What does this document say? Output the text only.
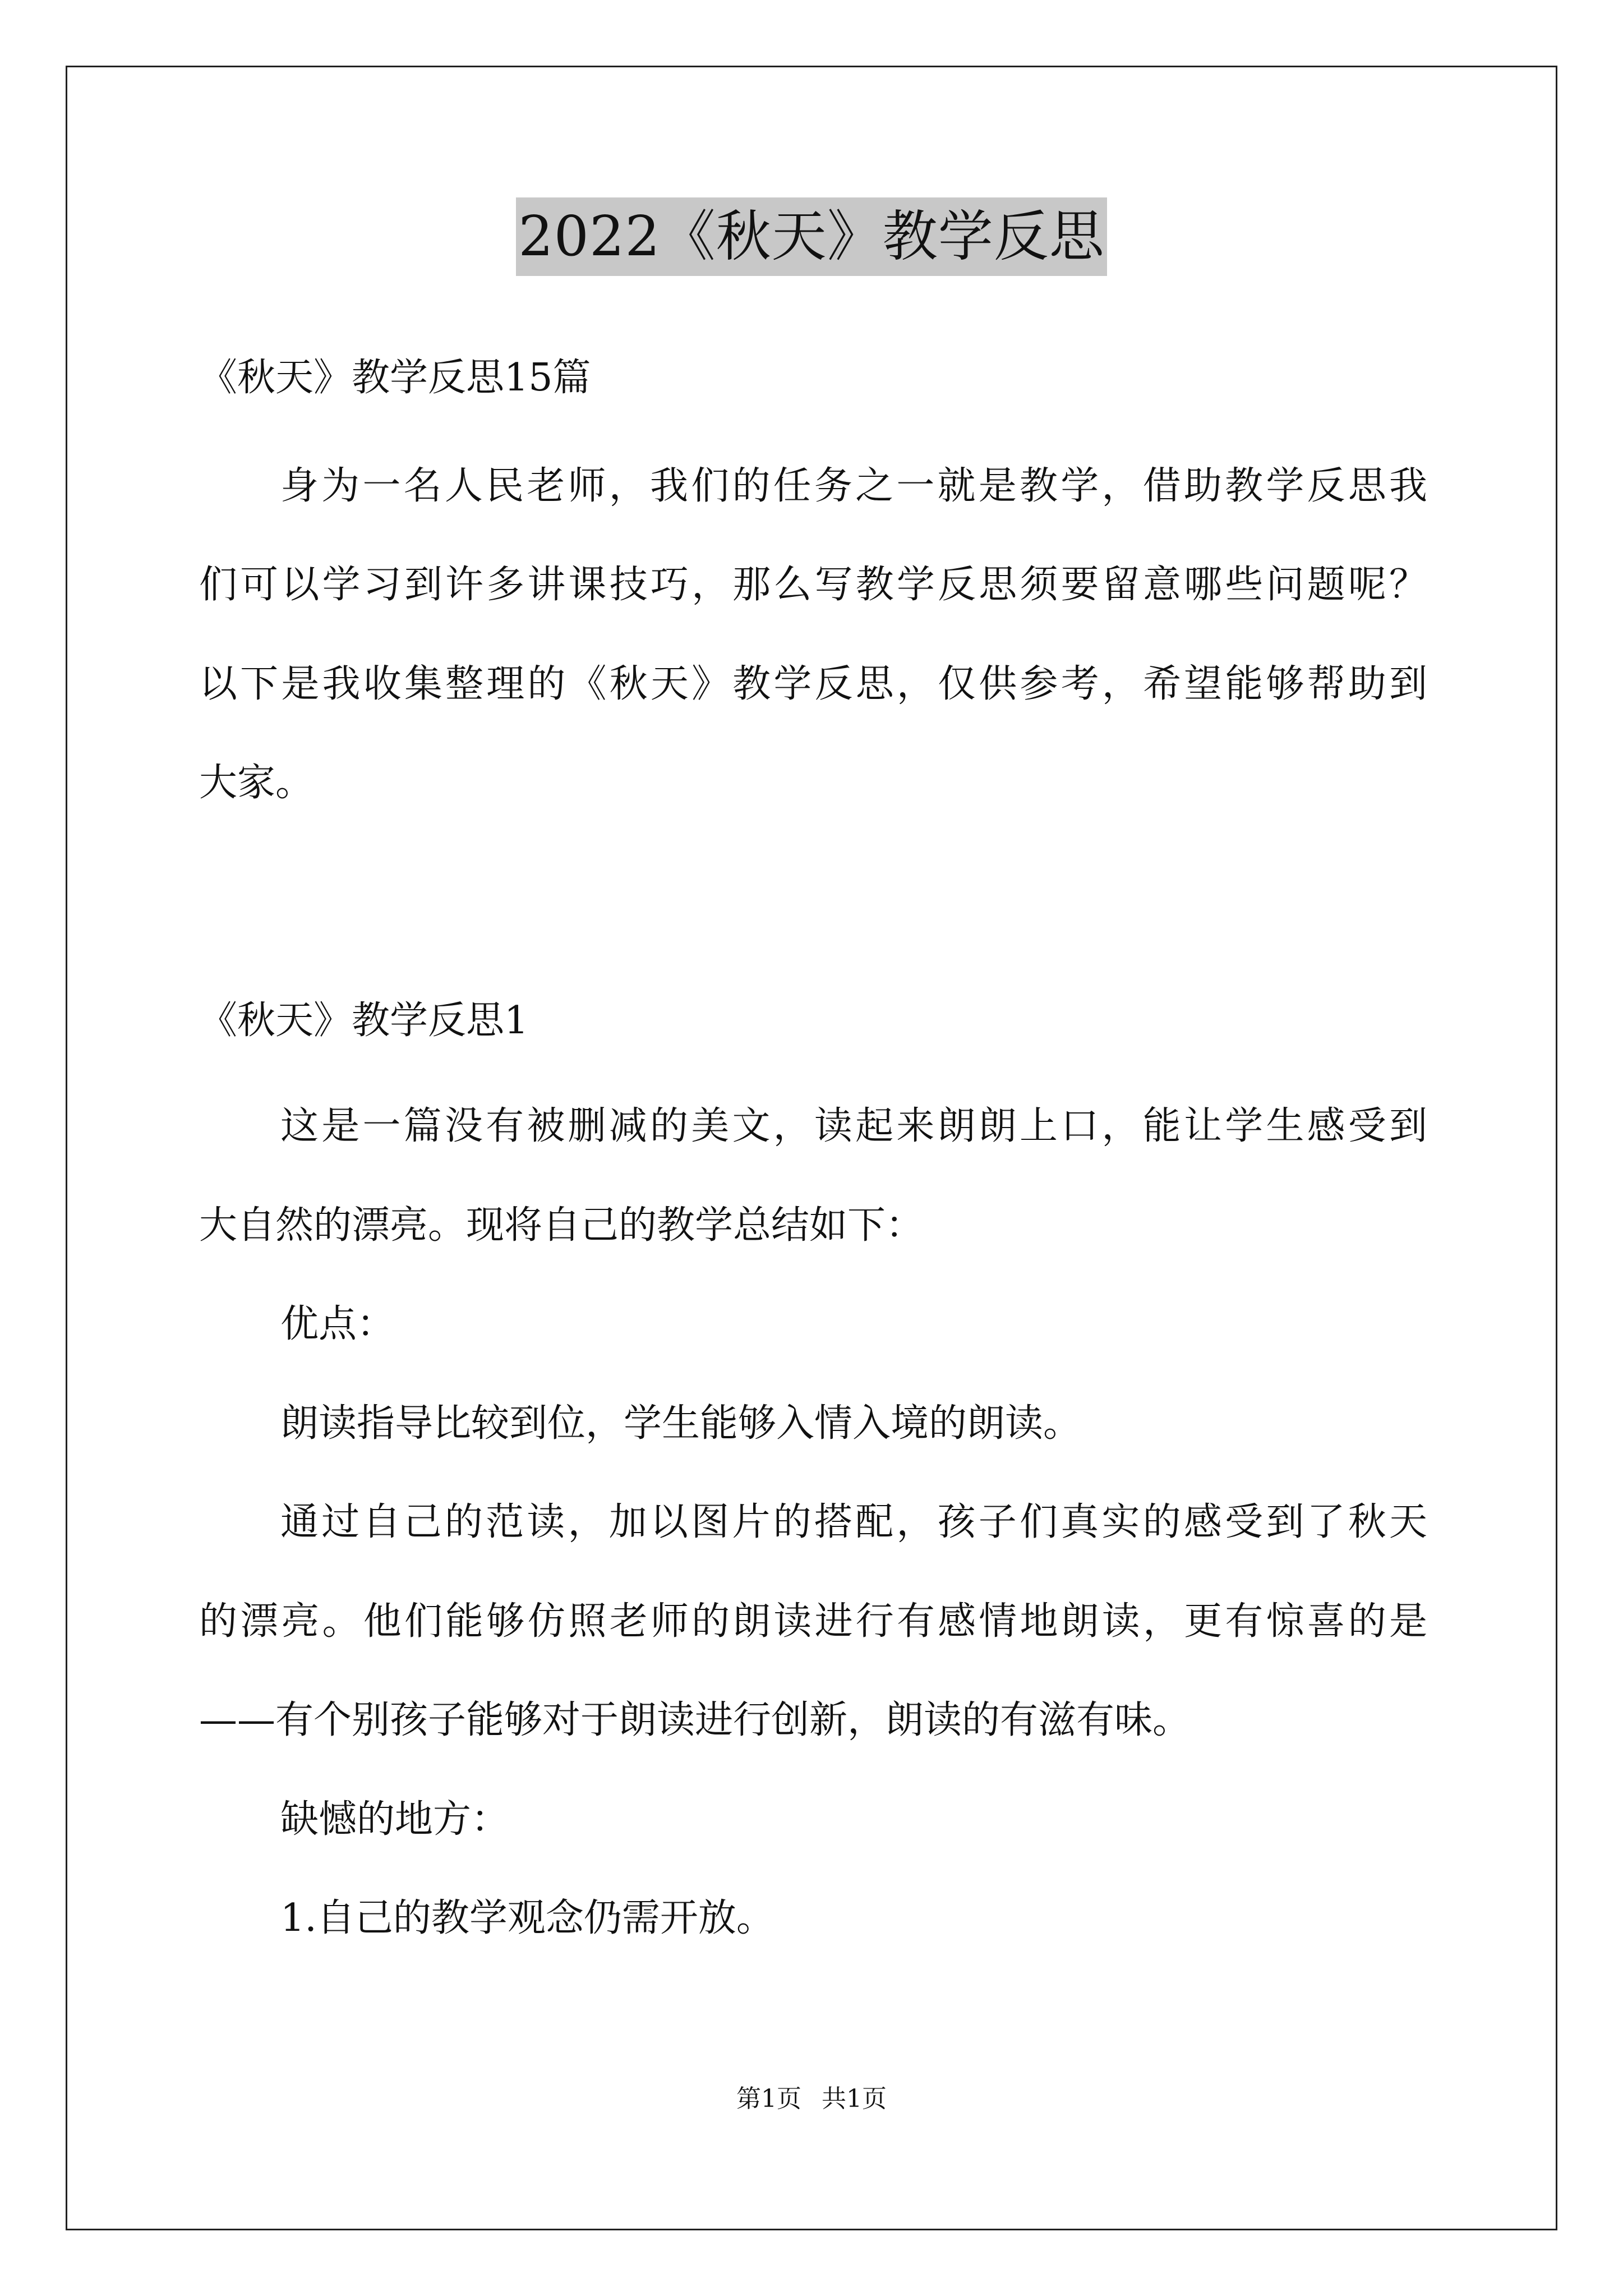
2022《秋天》教学反思
《秋天》教学反思15篇
身为一名人民老师，我们的任务之一就是教学，借助教学反思我
们可以学习到许多讲课技巧，那么写教学反思须要留意哪些问题呢？
以下是我收集整理的《秋天》教学反思，仅供参考，希望能够帮助到
大家。
《秋天》教学反思1
这是一篇没有被删减的美文，读起来朗朗上口，能让学生感受到
大自然的漂亮。现将自己的教学总结如下：
优点：
朗读指导比较到位，学生能够入情入境的朗读。
通过自己的范读，加以图片的搭配，孩子们真实的感受到了秋天
的漂亮。他们能够仿照老师的朗读进行有感情地朗读，更有惊喜的是
——有个别孩子能够对于朗读进行创新，朗读的有滋有味。
缺憾的地方：
1.自己的教学观念仍需开放。
第1页 共1页
